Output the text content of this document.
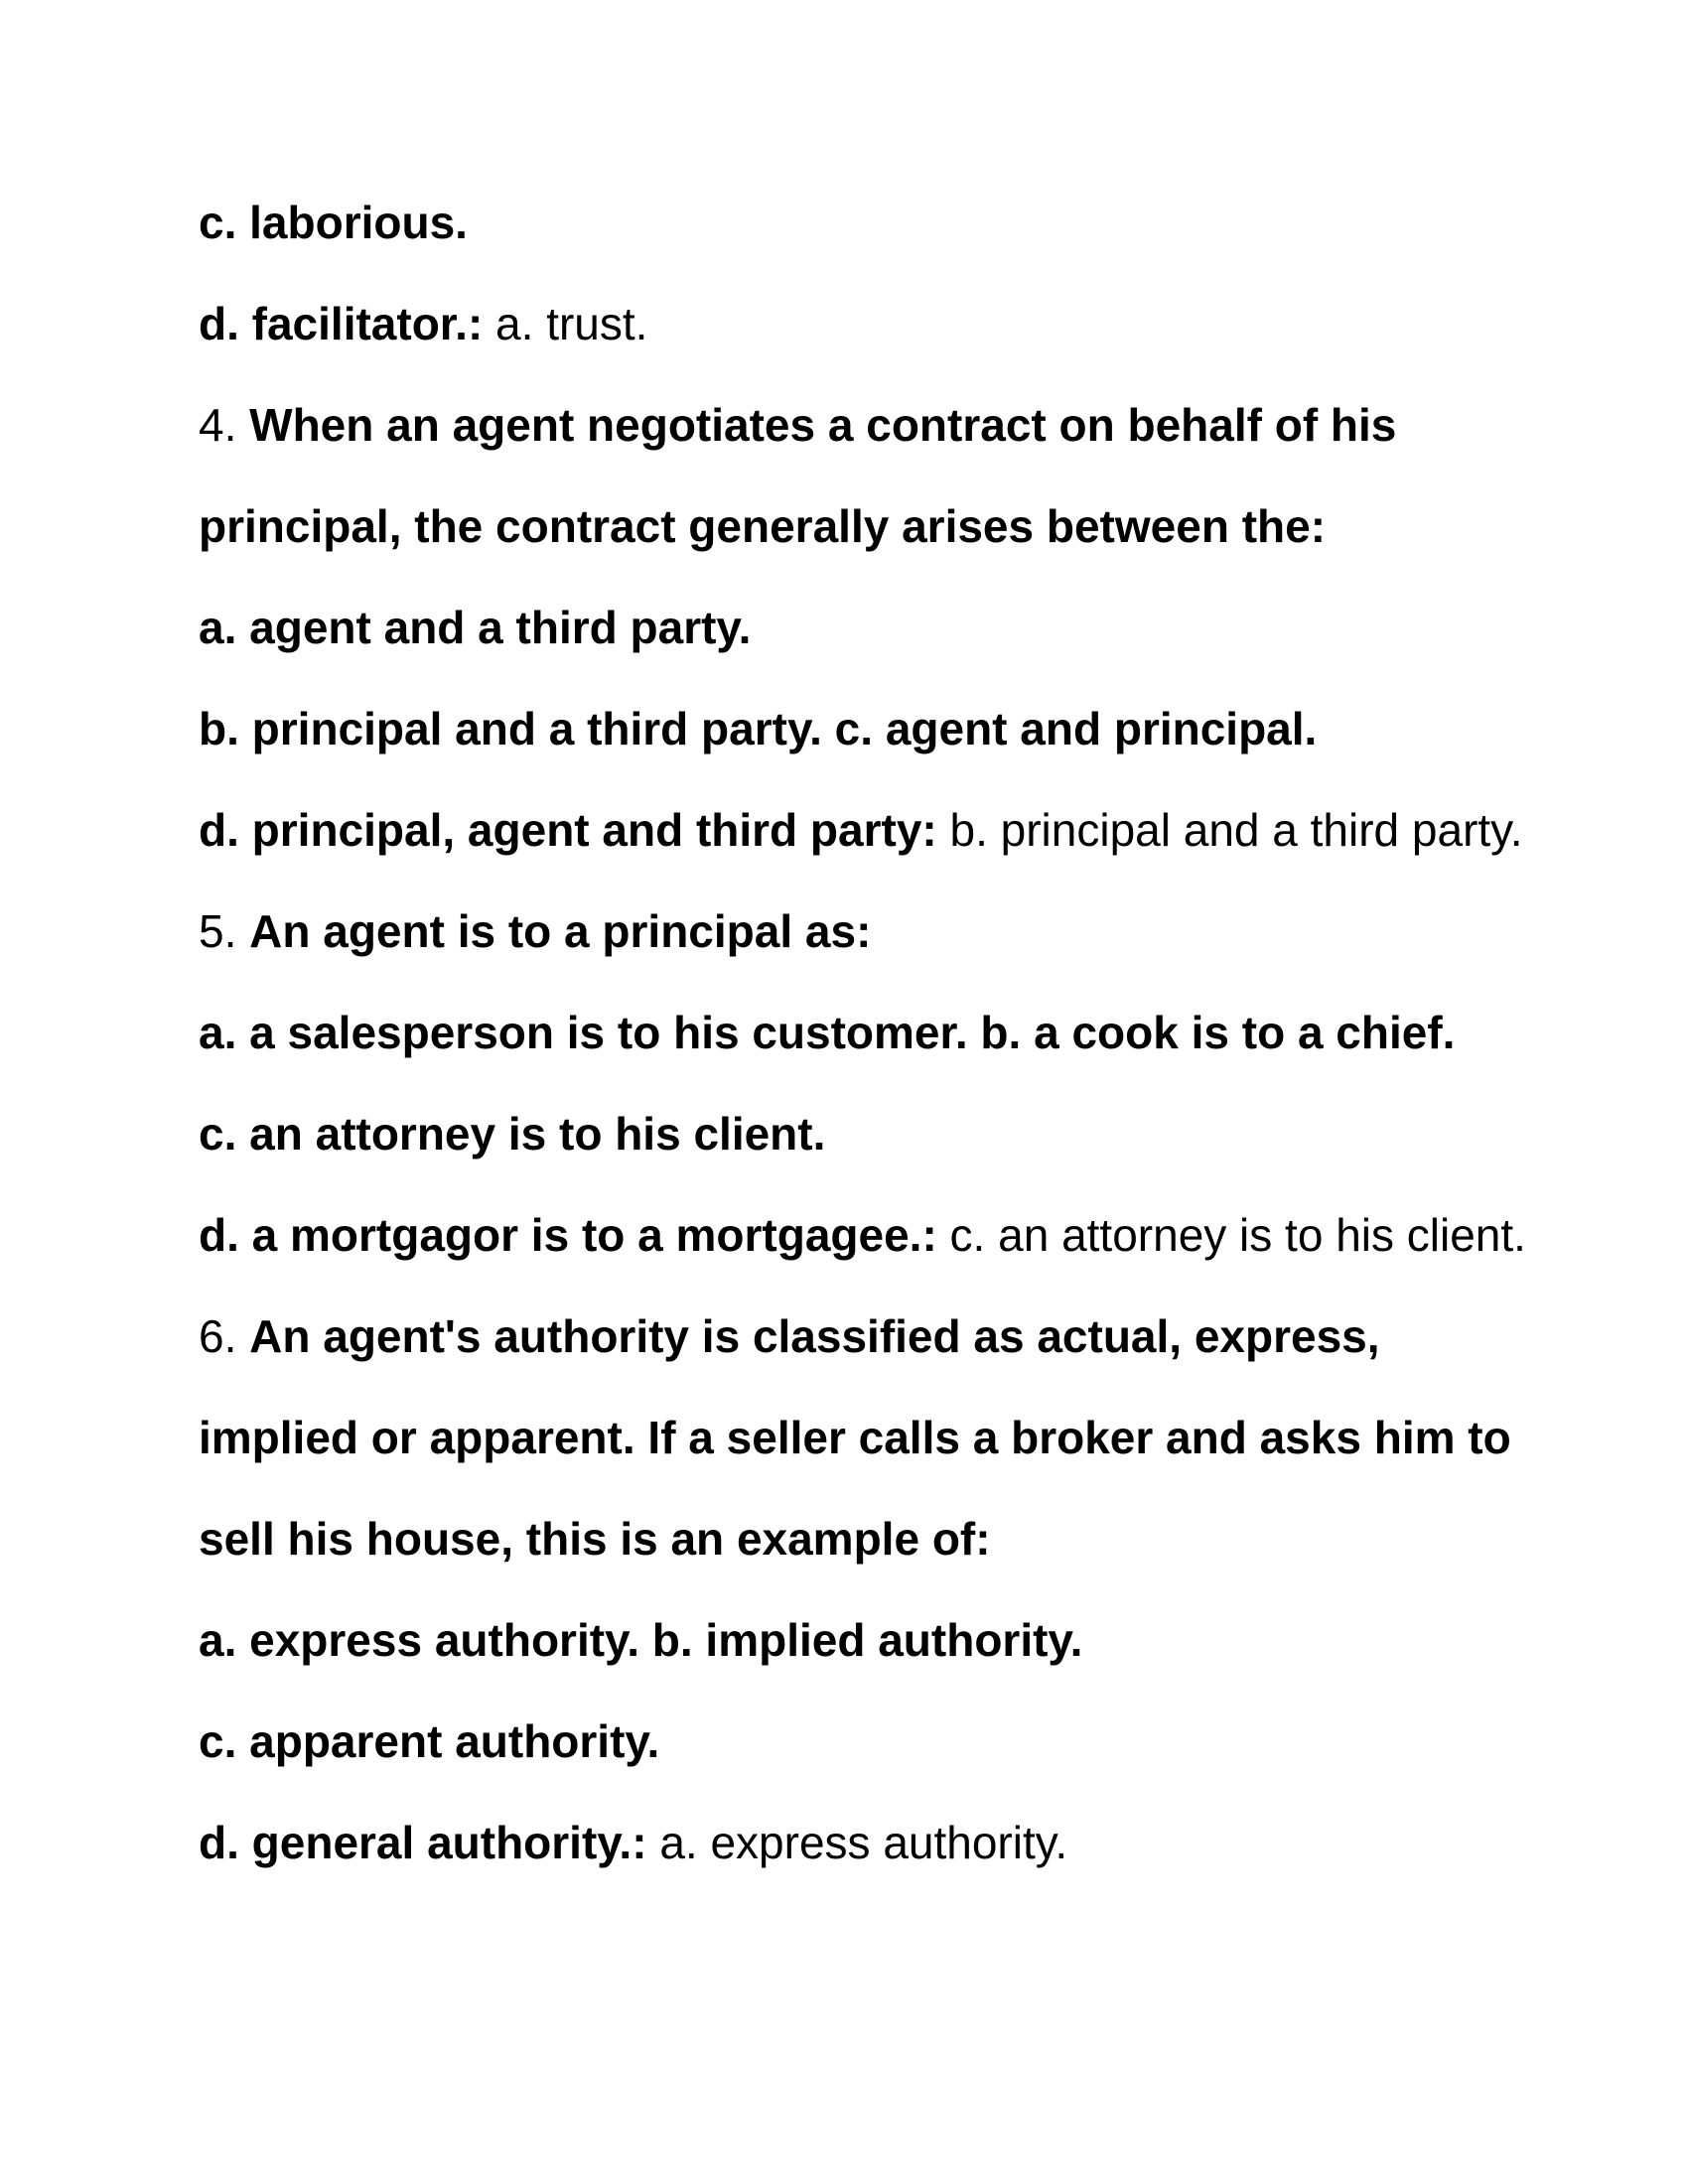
c. laborious.
d. facilitator.: a. trust.
4. When an agent negotiates a contract on behalf of his
principal, the contract generally arises between the:
a. agent and a third party.
b. principal and a third party. c. agent and principal.
d. principal, agent and third party: b. principal and a third party.
5. An agent is to a principal as:
a. a salesperson is to his customer. b. a cook is to a chief.
c. an attorney is to his client.
d. a mortgagor is to a mortgagee.: c. an attorney is to his client.
6. An agent's authority is classified as actual, express,
implied or apparent. If a seller calls a broker and asks him to
sell his house, this is an example of:
a. express authority. b. implied authority.
c. apparent authority.
d. general authority.: a. express authority.
